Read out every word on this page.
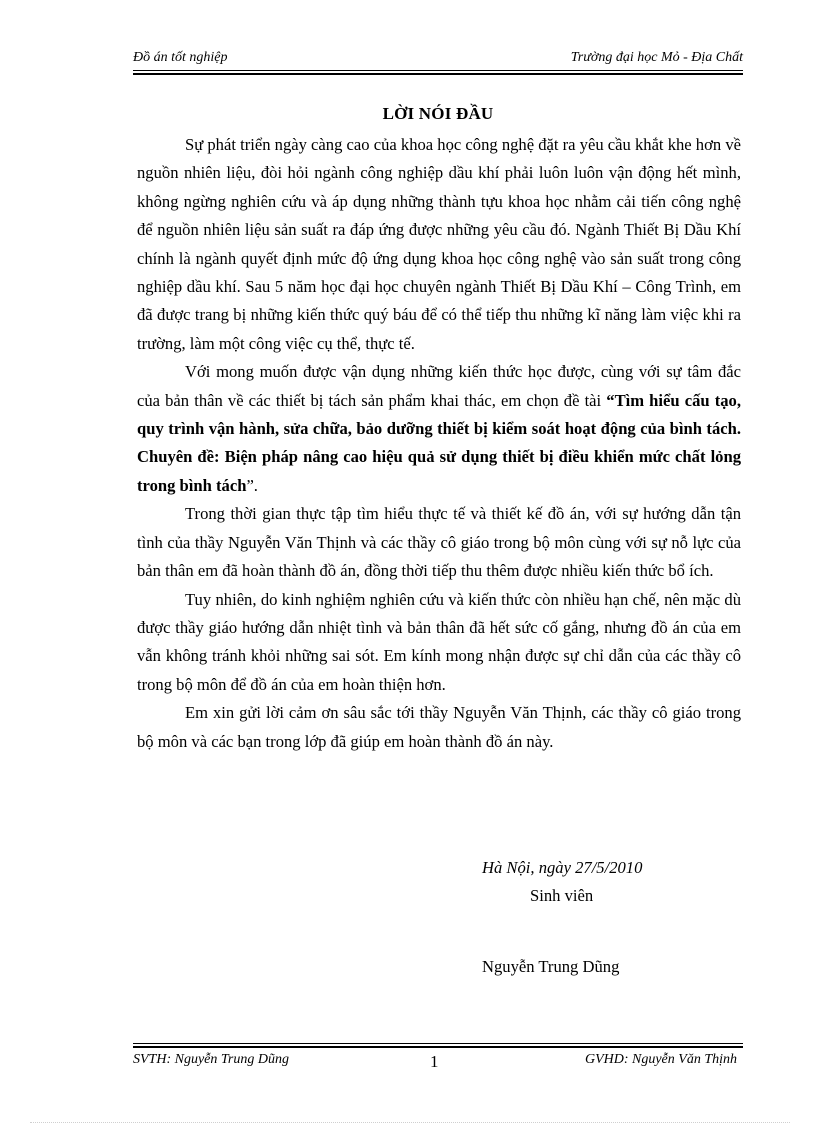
Đồ án tốt nghiệp	Trường đại học Mỏ - Địa Chất
LỜI NÓI ĐẦU

Sự phát triển ngày càng cao của khoa học công nghệ đặt ra yêu cầu khắt khe hơn về nguồn nhiên liệu, đòi hỏi ngành công nghiệp dầu khí phải luôn luôn vận động hết mình, không ngừng nghiên cứu và áp dụng những thành tựu khoa học nhằm cải tiến công nghệ để nguồn nhiên liệu sản suất ra đáp ứng được những yêu cầu đó. Ngành Thiết Bị Dầu Khí chính là ngành quyết định mức độ ứng dụng khoa học công nghệ vào sản suất trong công nghiệp dầu khí. Sau 5 năm học đại học chuyên ngành Thiết Bị Dầu Khí – Công Trình, em đã được trang bị những kiến thức quý báu để có thể tiếp thu những kĩ năng làm việc khi ra trường, làm một công việc cụ thể, thực tế.

Với mong muốn được vận dụng những kiến thức học được, cùng với sự tâm đắc của bản thân về các thiết bị tách sản phẩm khai thác, em chọn đề tài “Tìm hiểu cấu tạo, quy trình vận hành, sửa chữa, bảo dưỡng thiết bị kiểm soát hoạt động của bình tách. Chuyên đề: Biện pháp nâng cao hiệu quả sử dụng thiết bị điều khiển mức chất lỏng trong bình tách”.

Trong thời gian thực tập tìm hiểu thực tế và thiết kế đồ án, với sự hướng dẫn tận tình của thầy Nguyễn Văn Thịnh và các thầy cô giáo trong bộ môn cùng với sự nỗ lực của bản thân em đã hoàn thành đồ án, đồng thời tiếp thu thêm được nhiều kiến thức bổ ích.

Tuy nhiên, do kinh nghiệm nghiên cứu và kiến thức còn nhiều hạn chế, nên mặc dù được thầy giáo hướng dẫn nhiệt tình và bản thân đã hết sức cố gắng, nhưng đồ án của em vẫn không tránh khỏi những sai sót. Em kính mong nhận được sự chỉ dẫn của các thầy cô trong bộ môn để đồ án của em hoàn thiện hơn.

Em xin gửi lời cảm ơn sâu sắc tới thầy Nguyễn Văn Thịnh, các thầy cô giáo trong bộ môn và các bạn trong lớp đã giúp em hoàn thành đồ án này.

Hà Nội, ngày 27/5/2010
Sinh viên
Nguyễn Trung Dũng
SVTH: Nguyễn Trung Dũng	1	GVHD: Nguyễn Văn Thịnh
